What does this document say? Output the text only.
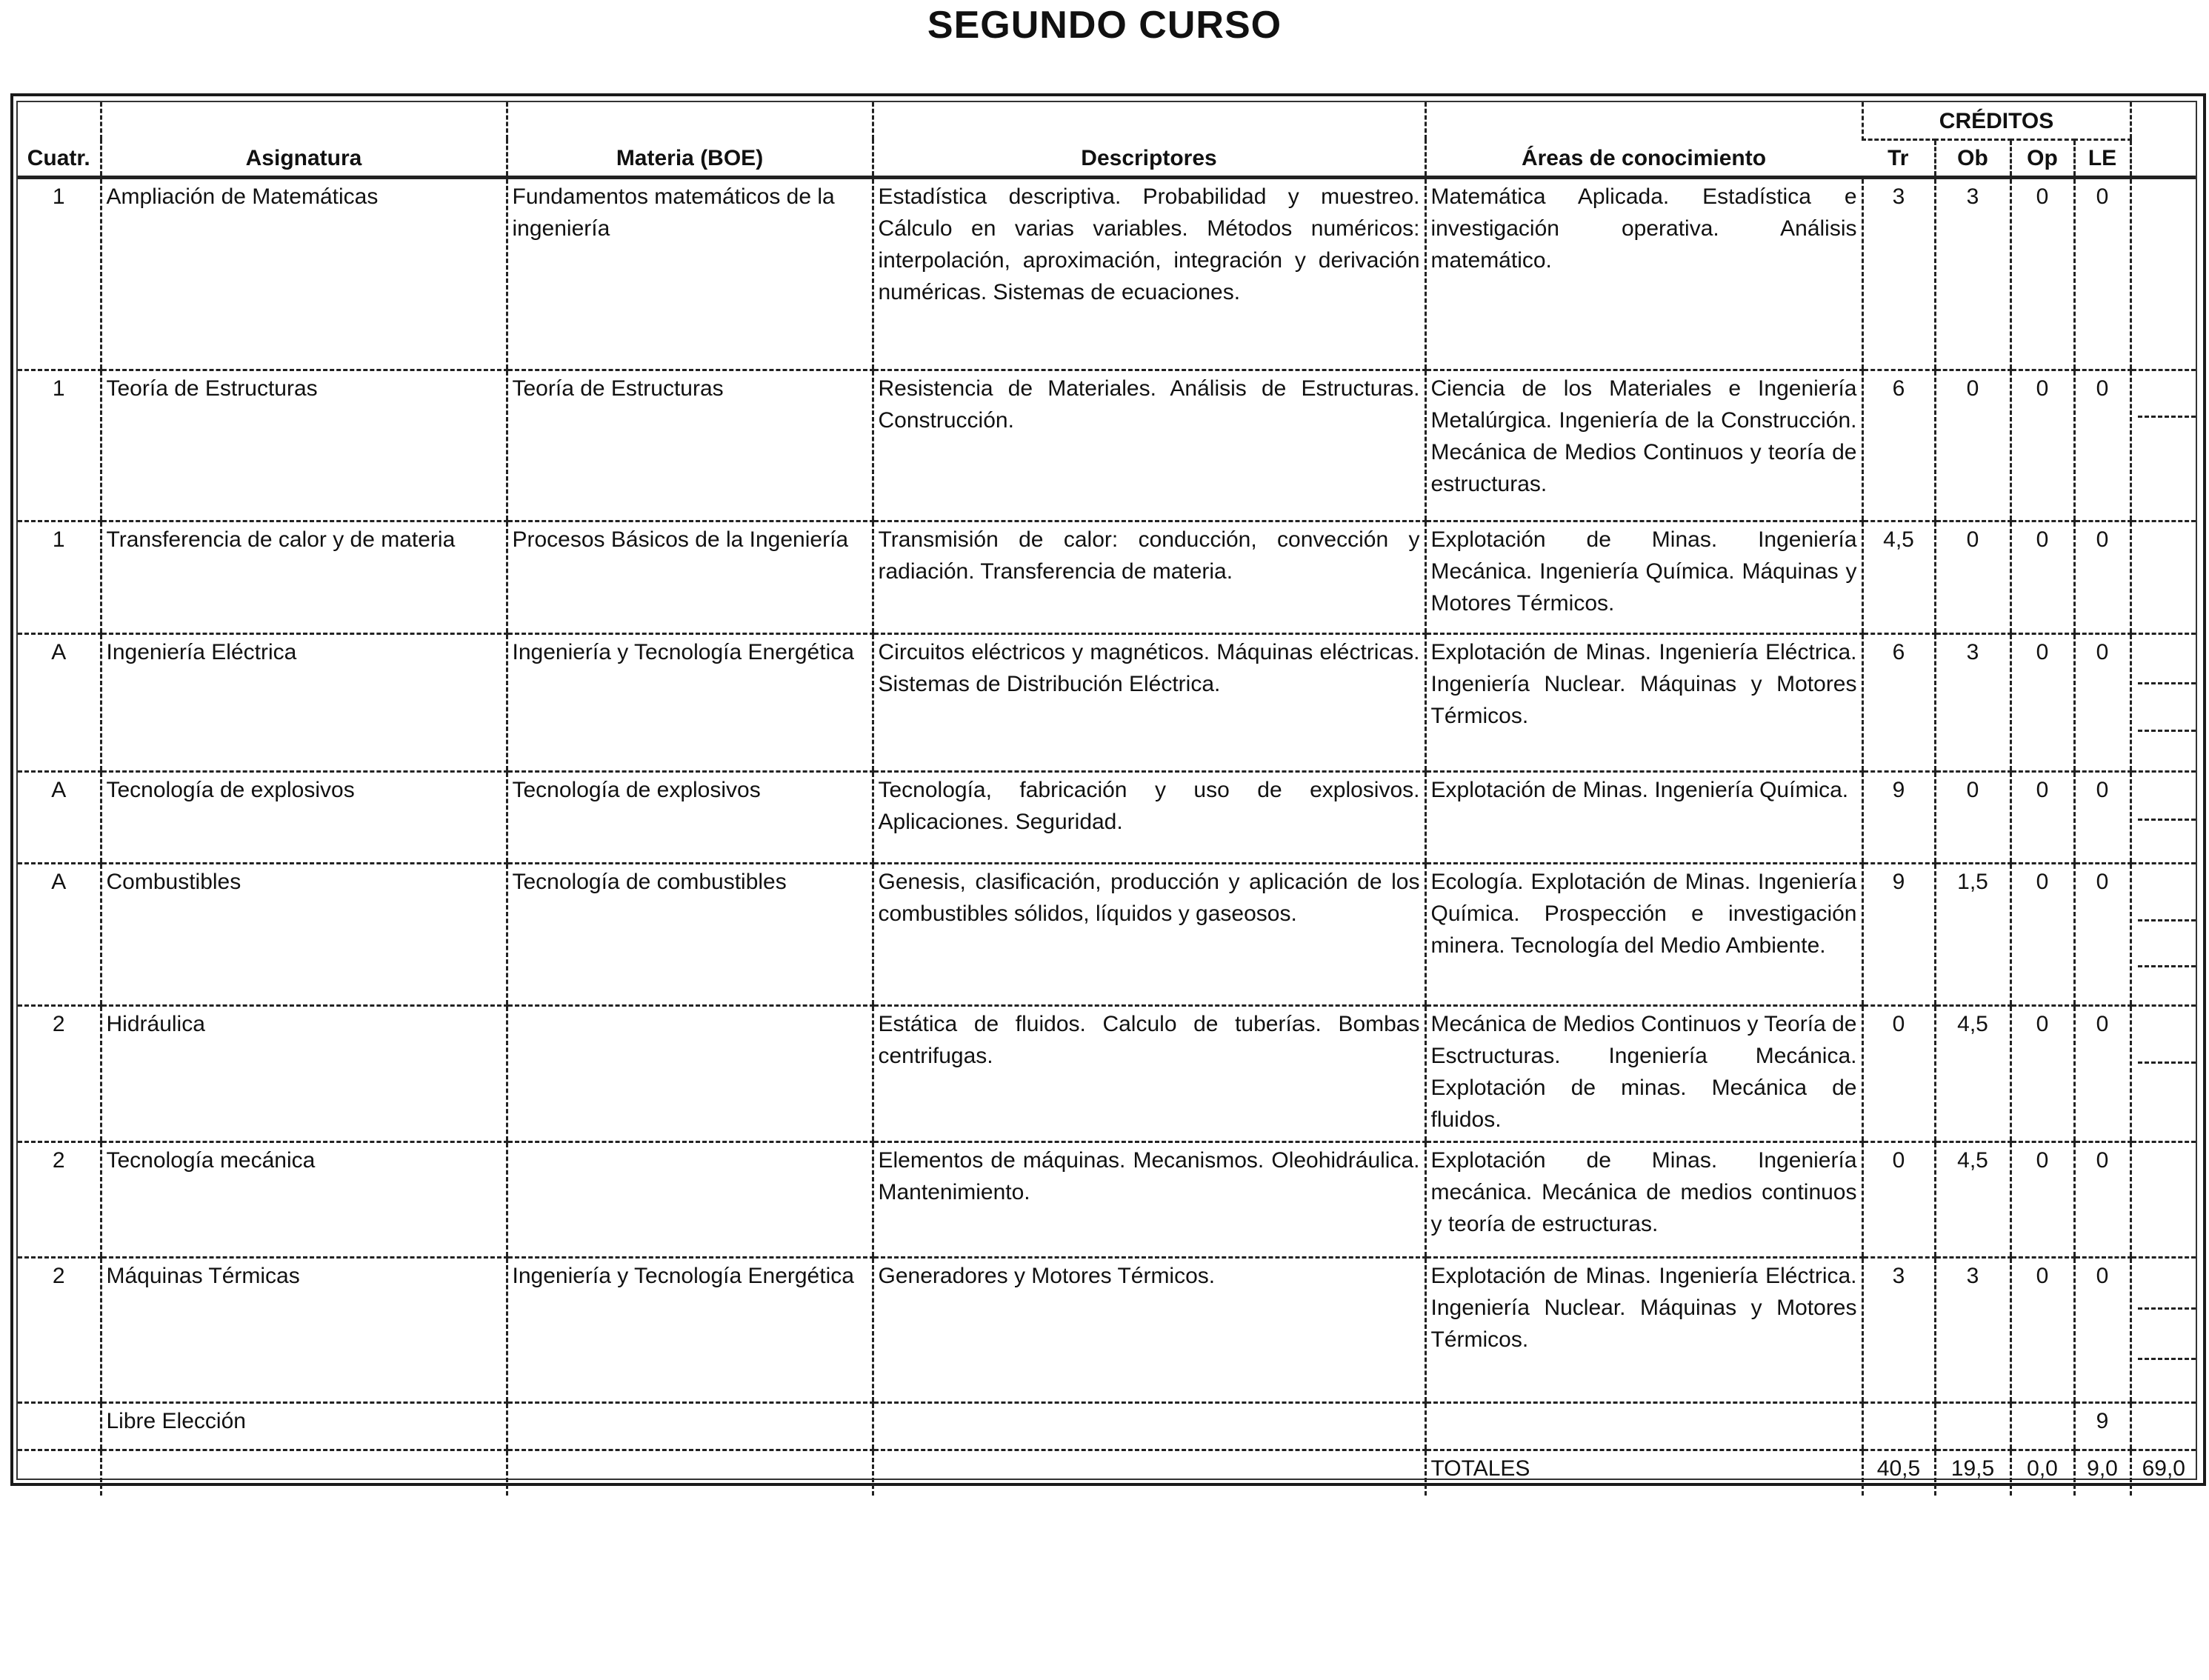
SEGUNDO CURSO
Cuatr.	Asignatura	Materia (BOE)	Descriptores	Áreas de conocimiento	CRÉDITOS				
					Tr	Ob	Op	LE	
1	Ampliación de Matemáticas	Fundamentos matemáticos de la ingeniería	Estadística descriptiva. Probabilidad y muestreo. Cálculo en varias variables. Métodos numéricos: interpolación, aproximación, integración y derivación numéricas. Sistemas de ecuaciones.	Matemática Aplicada. Estadística e investigación operativa. Análisis matemático.	3	3	0	0	
1	Teoría de Estructuras	Teoría de Estructuras	Resistencia de Materiales. Análisis de Estructuras. Construcción.	Ciencia de los Materiales e Ingeniería Metalúrgica. Ingeniería de la Construcción. Mecánica de Medios Continuos y teoría de estructuras.	6	0	0	0	

1	Transferencia de calor y de materia	Procesos Básicos de la Ingeniería	Transmisión de calor: conducción, convección y radiación. Transferencia de materia.	Explotación de Minas. Ingeniería Mecánica. Ingeniería Química. Máquinas y Motores Térmicos.	4,5	0	0	0	
A	Ingeniería Eléctrica	Ingeniería y Tecnología Energética	Circuitos eléctricos y magnéticos. Máquinas eléctricas. Sistemas de Distribución Eléctrica.	Explotación de Minas. Ingeniería Eléctrica. Ingeniería Nuclear. Máquinas y Motores Térmicos.	6	3	0	0	

A	Tecnología de explosivos	Tecnología de explosivos	Tecnología, fabricación y uso de explosivos. Aplicaciones. Seguridad.	Explotación de Minas. Ingeniería Química.	9	0	0	0	

A	Combustibles	Tecnología de combustibles	Genesis, clasificación, producción y aplicación de los combustibles sólidos, líquidos y gaseosos.	Ecología. Explotación de Minas. Ingeniería Química. Prospección e investigación minera. Tecnología del Medio Ambiente.	9	1,5	0	0	

2	Hidráulica		Estática de fluidos. Calculo de tuberías. Bombas centrifugas.	Mecánica de Medios Continuos y Teoría de Esctructuras. Ingeniería Mecánica. Explotación de minas. Mecánica de fluidos.	0	4,5	0	0	

2	Tecnología mecánica		Elementos de máquinas. Mecanismos. Oleohidráulica. Mantenimiento.	Explotación de Minas. Ingeniería mecánica. Mecánica de medios continuos y teoría de estructuras.	0	4,5	0	0	
2	Máquinas Térmicas	Ingeniería y Tecnología Energética	Generadores y Motores Térmicos.	Explotación de Minas. Ingeniería Eléctrica. Ingeniería Nuclear. Máquinas y Motores Térmicos.	3	3	0	0	

	Libre Elección							9	
				TOTALES	40,5	19,5	0,0	9,0	69,0
